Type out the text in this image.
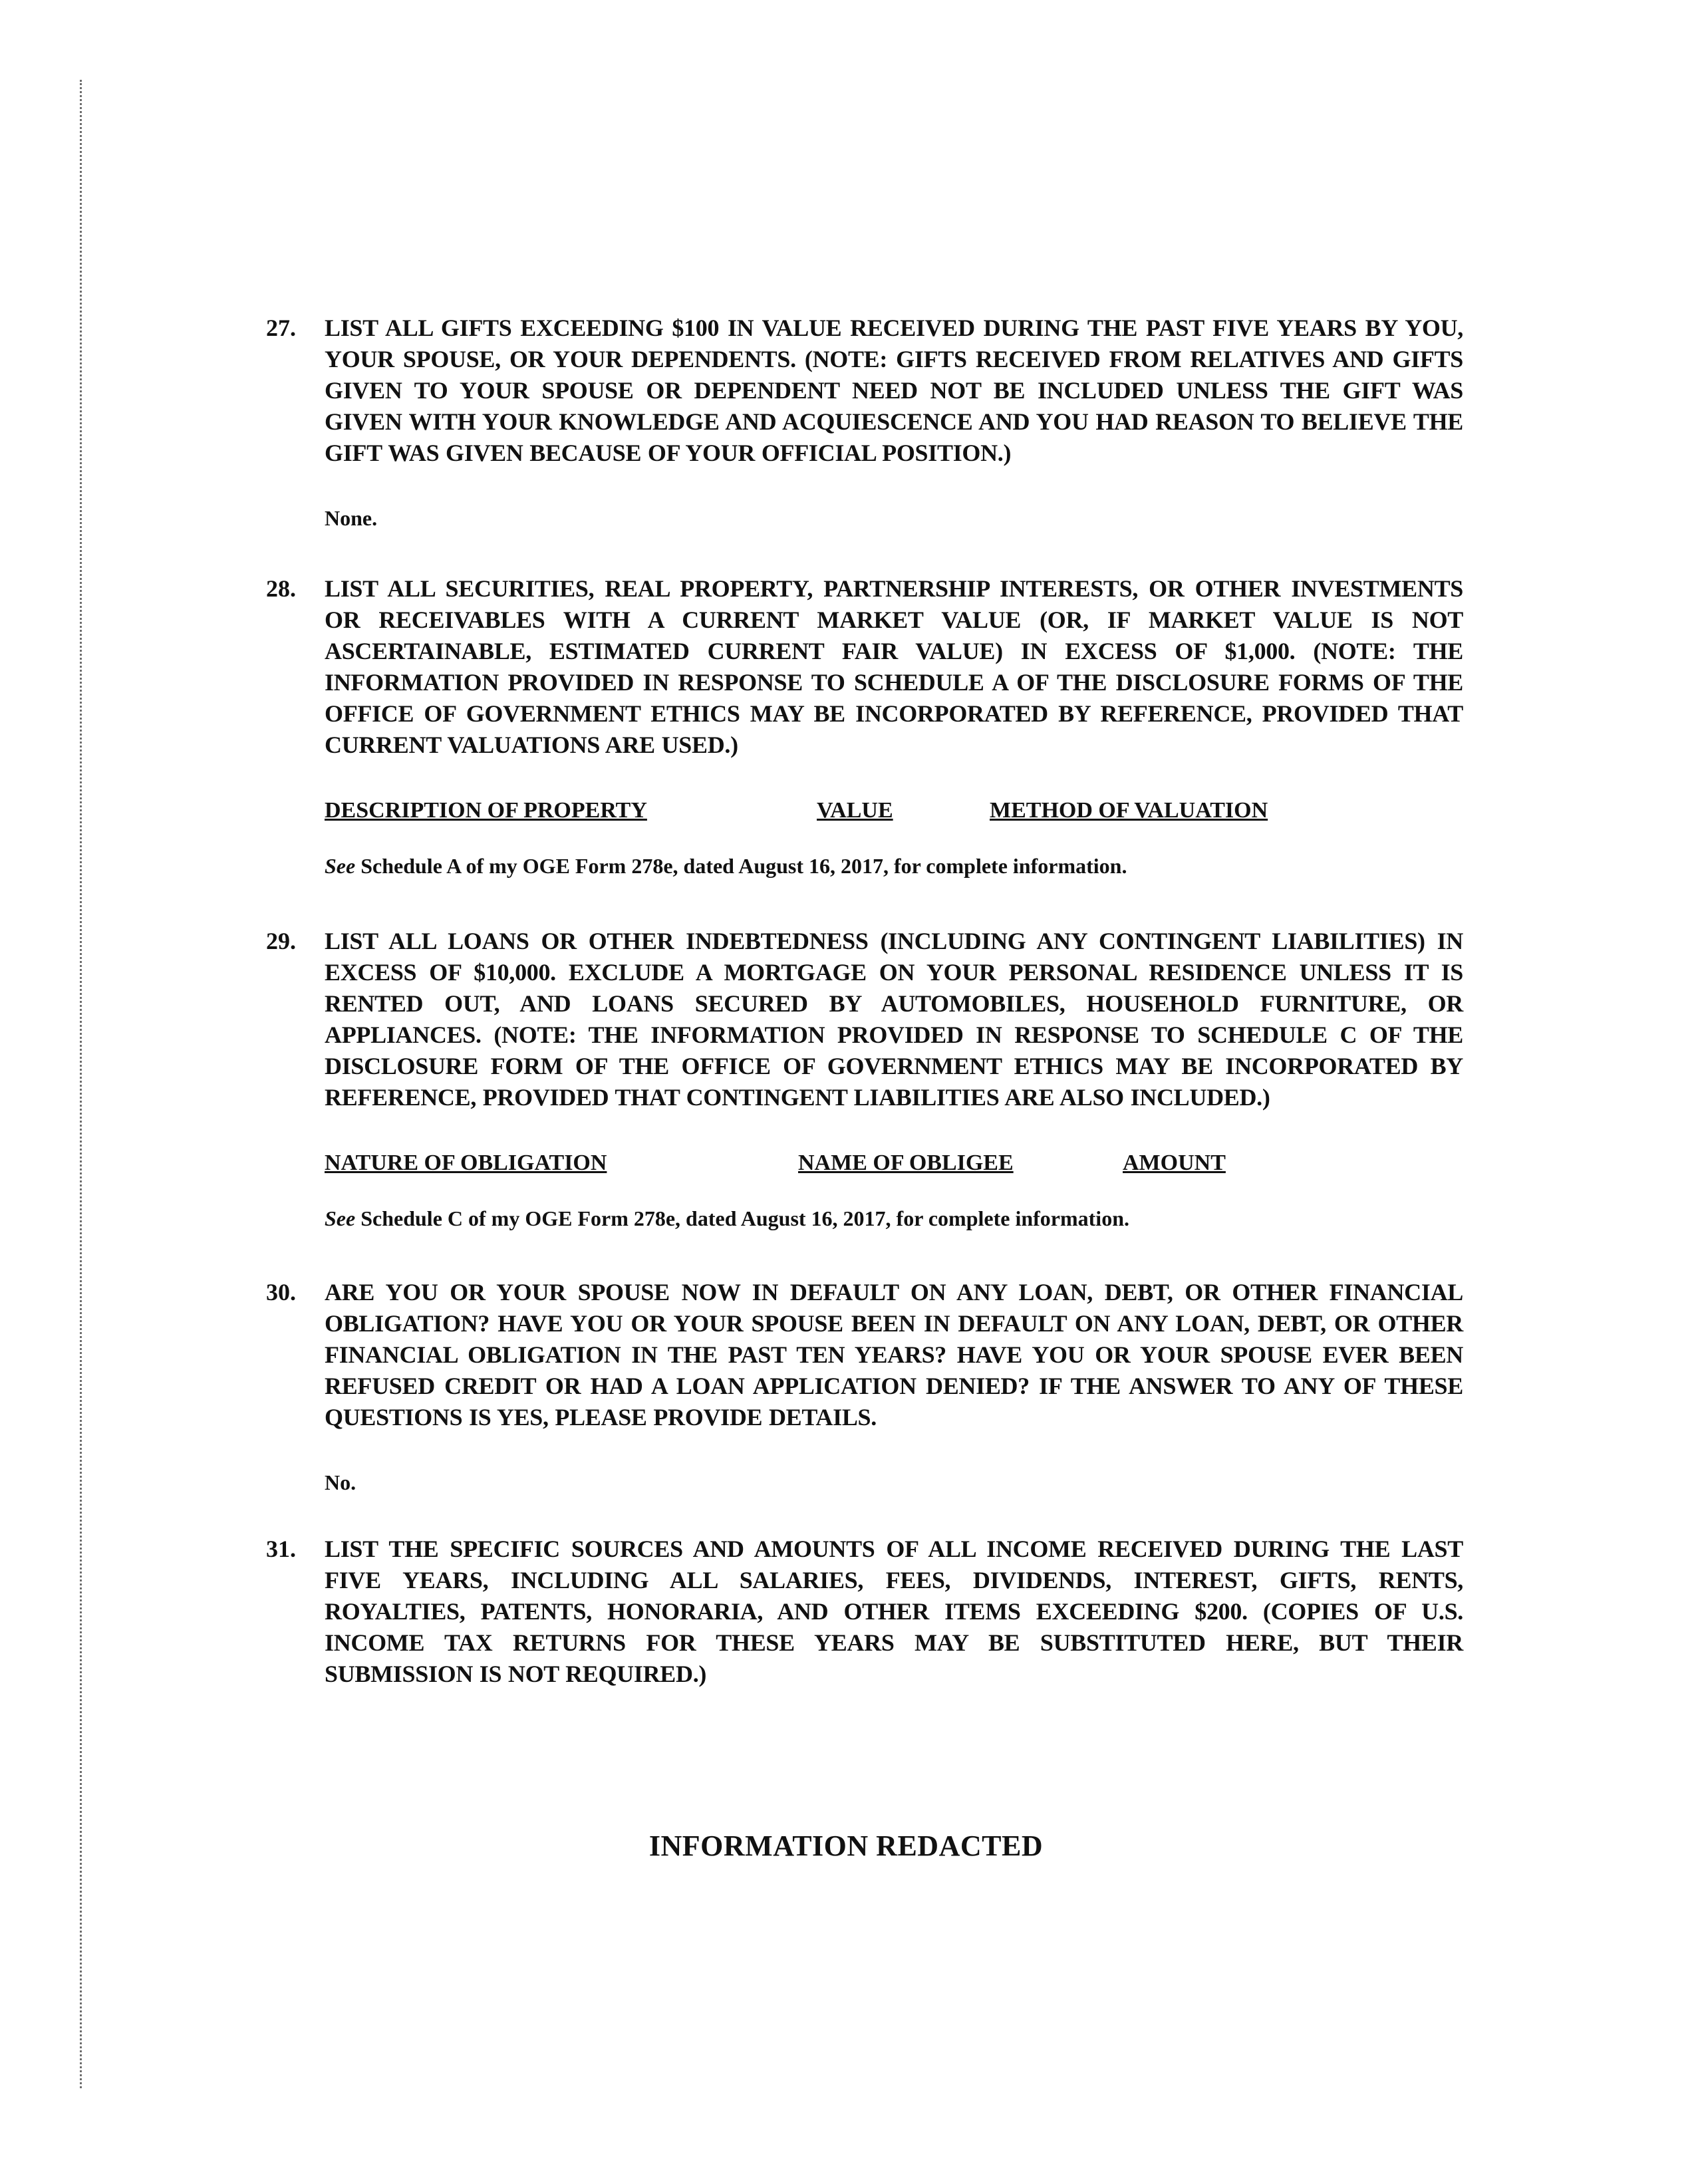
27.	LIST ALL GIFTS EXCEEDING $100 IN VALUE RECEIVED DURING THE PAST FIVE YEARS BY YOU, YOUR SPOUSE, OR YOUR DEPENDENTS. (NOTE: GIFTS RECEIVED FROM RELATIVES AND GIFTS GIVEN TO YOUR SPOUSE OR DEPENDENT NEED NOT BE INCLUDED UNLESS THE GIFT WAS GIVEN WITH YOUR KNOWLEDGE AND ACQUIESCENCE AND YOU HAD REASON TO BELIEVE THE GIFT WAS GIVEN BECAUSE OF YOUR OFFICIAL POSITION.)
None.
28.	LIST ALL SECURITIES, REAL PROPERTY, PARTNERSHIP INTERESTS, OR OTHER INVESTMENTS OR RECEIVABLES WITH A CURRENT MARKET VALUE (OR, IF MARKET VALUE IS NOT ASCERTAINABLE, ESTIMATED CURRENT FAIR VALUE) IN EXCESS OF $1,000. (NOTE: THE INFORMATION PROVIDED IN RESPONSE TO SCHEDULE A OF THE DISCLOSURE FORMS OF THE OFFICE OF GOVERNMENT ETHICS MAY BE INCORPORATED BY REFERENCE, PROVIDED THAT CURRENT VALUATIONS ARE USED.)
DESCRIPTION OF PROPERTY	VALUE	METHOD OF VALUATION
See Schedule A of my OGE Form 278e, dated August 16, 2017, for complete information.
29.	LIST ALL LOANS OR OTHER INDEBTEDNESS (INCLUDING ANY CONTINGENT LIABILITIES) IN EXCESS OF $10,000. EXCLUDE A MORTGAGE ON YOUR PERSONAL RESIDENCE UNLESS IT IS RENTED OUT, AND LOANS SECURED BY AUTOMOBILES, HOUSEHOLD FURNITURE, OR APPLIANCES. (NOTE: THE INFORMATION PROVIDED IN RESPONSE TO SCHEDULE C OF THE DISCLOSURE FORM OF THE OFFICE OF GOVERNMENT ETHICS MAY BE INCORPORATED BY REFERENCE, PROVIDED THAT CONTINGENT LIABILITIES ARE ALSO INCLUDED.)
NATURE OF OBLIGATION	NAME OF OBLIGEE	AMOUNT
See Schedule C of my OGE Form 278e, dated August 16, 2017, for complete information.
30.	ARE YOU OR YOUR SPOUSE NOW IN DEFAULT ON ANY LOAN, DEBT, OR OTHER FINANCIAL OBLIGATION? HAVE YOU OR YOUR SPOUSE BEEN IN DEFAULT ON ANY LOAN, DEBT, OR OTHER FINANCIAL OBLIGATION IN THE PAST TEN YEARS? HAVE YOU OR YOUR SPOUSE EVER BEEN REFUSED CREDIT OR HAD A LOAN APPLICATION DENIED? IF THE ANSWER TO ANY OF THESE QUESTIONS IS YES, PLEASE PROVIDE DETAILS.
No.
31.	LIST THE SPECIFIC SOURCES AND AMOUNTS OF ALL INCOME RECEIVED DURING THE LAST FIVE YEARS, INCLUDING ALL SALARIES, FEES, DIVIDENDS, INTEREST, GIFTS, RENTS, ROYALTIES, PATENTS, HONORARIA, AND OTHER ITEMS EXCEEDING $200. (COPIES OF U.S. INCOME TAX RETURNS FOR THESE YEARS MAY BE SUBSTITUTED HERE, BUT THEIR SUBMISSION IS NOT REQUIRED.)
INFORMATION REDACTED
